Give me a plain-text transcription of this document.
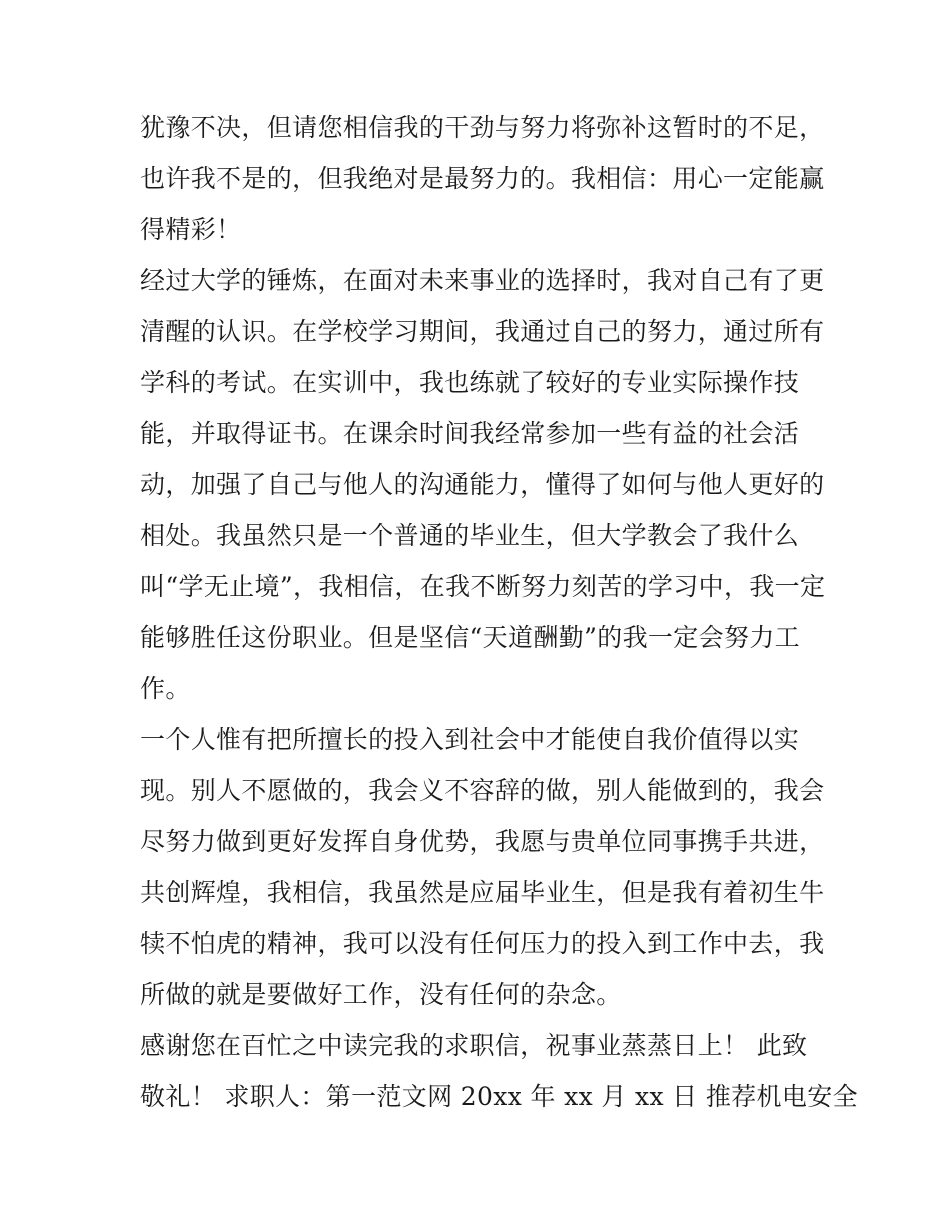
犹豫不决，但请您相信我的干劲与努力将弥补这暂时的不足，
也许我不是的，但我绝对是最努力的。我相信：用心一定能赢
得精彩！
经过大学的锤炼，在面对未来事业的选择时，我对自己有了更
清醒的认识。在学校学习期间，我通过自己的努力，通过所有
学科的考试。在实训中，我也练就了较好的专业实际操作技
能，并取得证书。在课余时间我经常参加一些有益的社会活
动，加强了自己与他人的沟通能力，懂得了如何与他人更好的
相处。我虽然只是一个普通的毕业生，但大学教会了我什么
叫“学无止境”，我相信，在我不断努力刻苦的学习中，我一定
能够胜任这份职业。但是坚信“天道酬勤”的我一定会努力工
作。
一个人惟有把所擅长的投入到社会中才能使自我价值得以实
现。别人不愿做的，我会义不容辞的做，别人能做到的，我会
尽努力做到更好发挥自身优势，我愿与贵单位同事携手共进，
共创辉煌，我相信，我虽然是应届毕业生，但是我有着初生牛
犊不怕虎的精神，我可以没有任何压力的投入到工作中去，我
所做的就是要做好工作，没有任何的杂念。
感谢您在百忙之中读完我的求职信，祝事业蒸蒸日上！ 此致
敬礼！ 求职人：第一范文网 20xx 年 xx 月 xx 日 推荐机电安全
